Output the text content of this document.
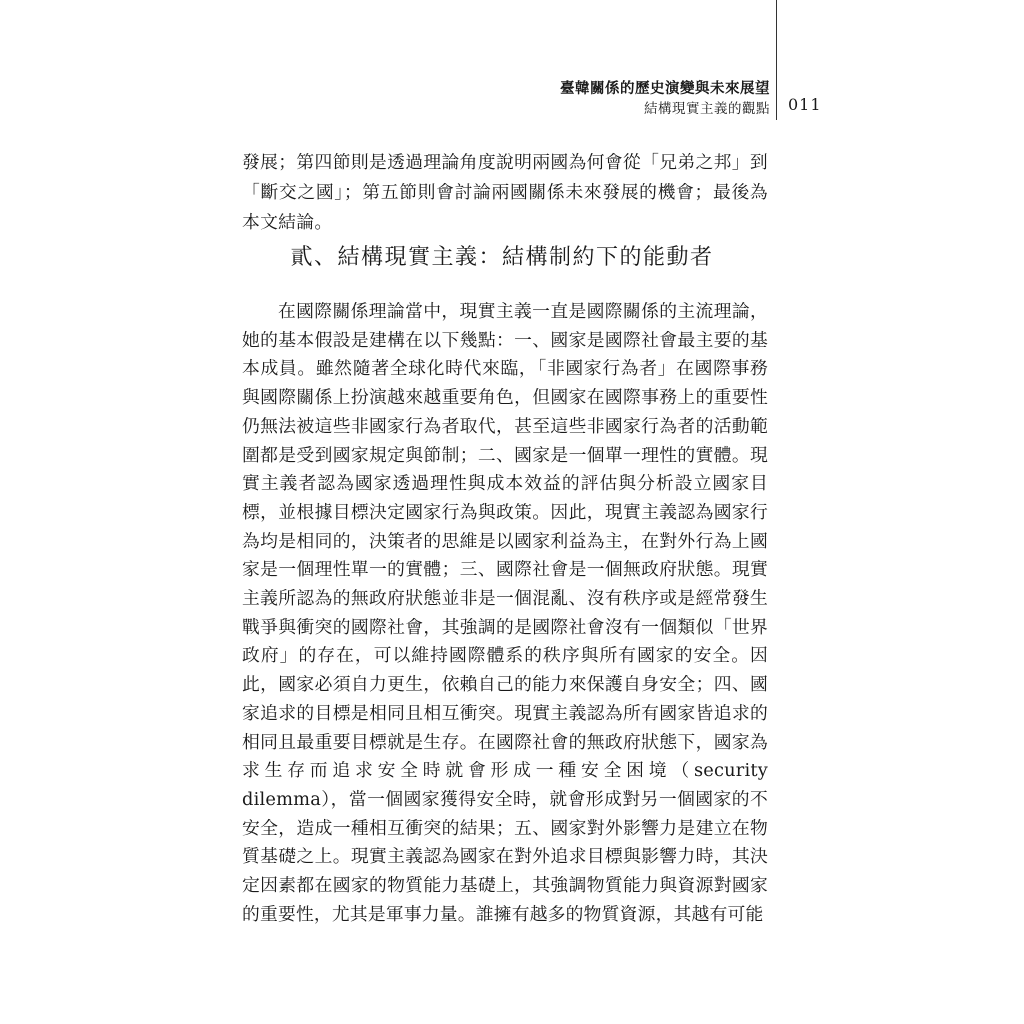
臺韓關係的歷史演變與未來展望
結構現實主義的觀點 011

發展；第四節則是透過理論角度說明兩國為何會從「兄弟之邦」到「斷交之國」；第五節則會討論兩國關係未來發展的機會；最後為本文結論。

貳、結構現實主義：結構制約下的能動者

在國際關係理論當中，現實主義一直是國際關係的主流理論，她的基本假設是建構在以下幾點：一、國家是國際社會最主要的基本成員。雖然隨著全球化時代來臨，「非國家行為者」在國際事務與國際關係上扮演越來越重要角色，但國家在國際事務上的重要性仍無法被這些非國家行為者取代，甚至這些非國家行為者的活動範圍都是受到國家規定與節制；二、國家是一個單一理性的實體。現實主義者認為國家透過理性與成本效益的評估與分析設立國家目標，並根據目標決定國家行為與政策。因此，現實主義認為國家行為均是相同的，決策者的思維是以國家利益為主，在對外行為上國家是一個理性單一的實體；三、國際社會是一個無政府狀態。現實主義所認為的無政府狀態並非是一個混亂、沒有秩序或是經常發生戰爭與衝突的國際社會，其強調的是國際社會沒有一個類似「世界政府」的存在，可以維持國際體系的秩序與所有國家的安全。因此，國家必須自力更生，依賴自己的能力來保護自身安全；四、國家追求的目標是相同且相互衝突。現實主義認為所有國家皆追求的相同且最重要目標就是生存。在國際社會的無政府狀態下，國家為求生存而追求安全時就會形成一種安全困境（security dilemma），當一個國家獲得安全時，就會形成對另一個國家的不安全，造成一種相互衝突的結果；五、國家對外影響力是建立在物質基礎之上。現實主義認為國家在對外追求目標與影響力時，其決定因素都在國家的物質能力基礎上，其強調物質能力與資源對國家的重要性，尤其是軍事力量。誰擁有越多的物質資源，其越有可能
